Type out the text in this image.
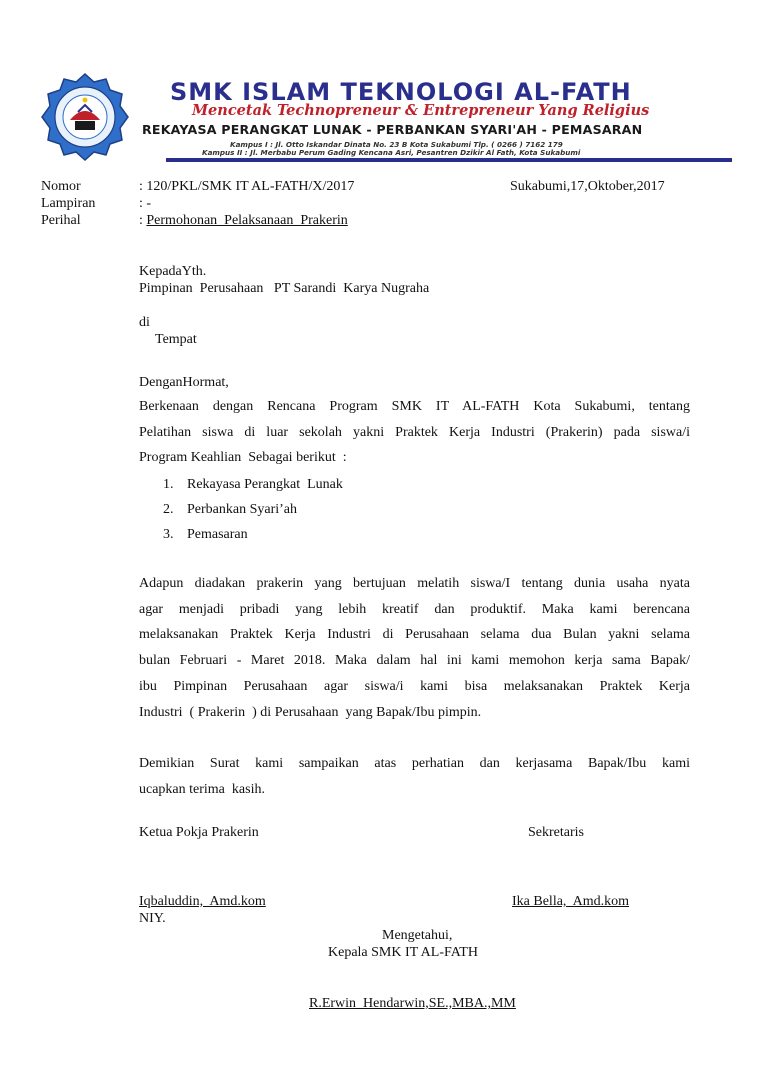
SMK ISLAM TEKNOLOGI AL-FATH
Mencetak Technopreneur & Entrepreneur Yang Religius
REKAYASA PERANGKAT LUNAK - PERBANKAN SYARI'AH - PEMASARAN
Kampus I : Jl. Otto Iskandar Dinata No. 23 B Kota Sukabumi Tlp. ( 0266 ) 7162 179
Kampus II : Jl. Merbabu Perum Gading Kencana Asri, Pesantren Dzikir Al Fath, Kota Sukabumi
Nomor	: 120/PKL/SMK IT AL-FATH/X/2017	Sukabumi,17,Oktober,2017
Lampiran	: -
Perihal	: Permohonan  Pelaksanaan  Prakerin
KepadaYth.
Pimpinan  Perusahaan   PT Sarandi  Karya Nugraha
di
Tempat
DenganHormat,
Berkenaan dengan Rencana Program SMK IT AL-FATH Kota Sukabumi, tentang
Pelatihan siswa di luar sekolah yakni Praktek Kerja Industri (Prakerin) pada siswa/i
Program Keahlian  Sebagai berikut  :
1. Rekayasa Perangkat  Lunak
2. Perbankan Syari’ah
3. Pemasaran
Adapun diadakan prakerin yang bertujuan melatih siswa/I tentang dunia usaha nyata
agar menjadi pribadi yang lebih kreatif dan produktif. Maka kami berencana
melaksanakan Praktek Kerja Industri di Perusahaan selama dua Bulan yakni selama
bulan Februari - Maret 2018. Maka dalam hal ini kami memohon kerja sama Bapak/
ibu Pimpinan Perusahaan agar siswa/i kami bisa melaksanakan Praktek Kerja
Industri  ( Prakerin  ) di Perusahaan  yang Bapak/Ibu pimpin.
Demikian Surat kami sampaikan atas perhatian dan kerjasama Bapak/Ibu kami
ucapkan terima  kasih.
Ketua Pokja Prakerin	Sekretaris
Iqbaluddin,  Amd.kom
NIY.
Ika Bella,  Amd.kom
Mengetahui,
Kepala SMK IT AL-FATH
R.Erwin  Hendarwin,SE.,MBA.,MM
